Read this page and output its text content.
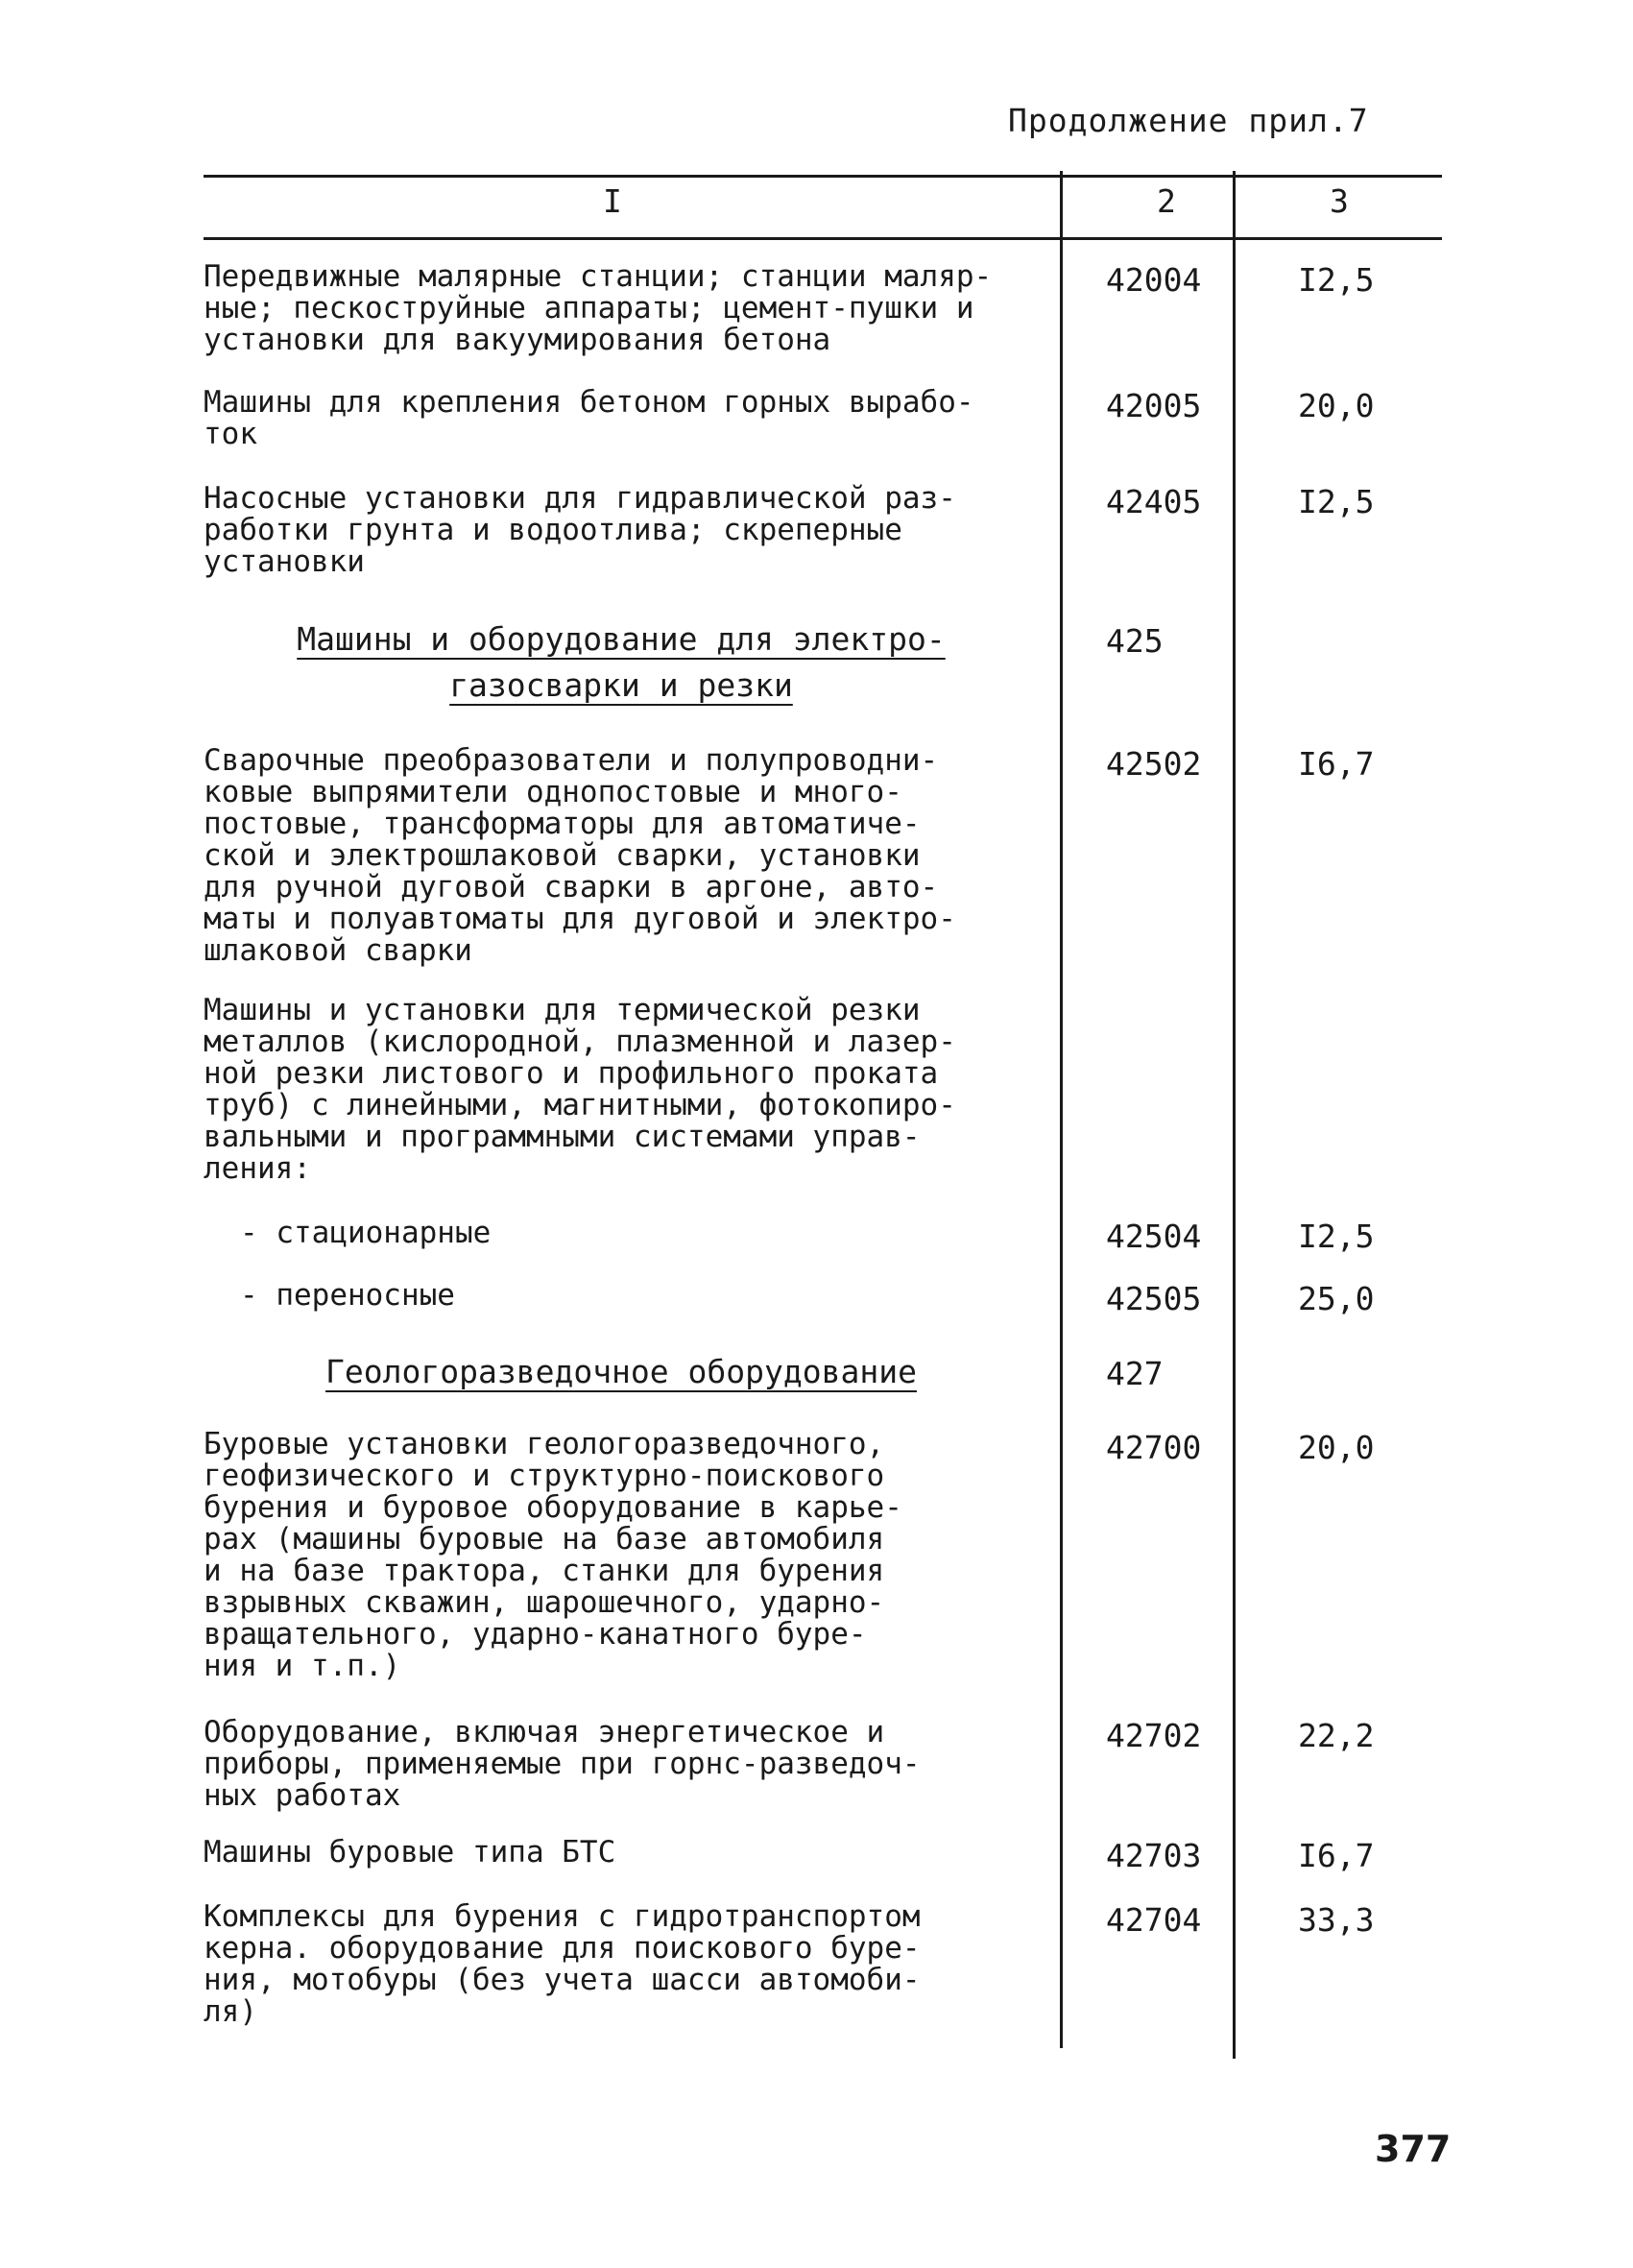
Продолжение прил.7
I	2	3
Передвижные малярные станции; станции маляр-
ные; пескоструйные аппараты; цемент-пушки и
установки для вакуумирования бетона
42004	I2,5
Машины для крепления бетоном горных вырабо-
ток
42005	20,0
Насосные установки для гидравлической раз-
работки грунта и водоотлива; скреперные
установки
42405	I2,5
Машины и оборудование для электро-
газосварки и резки
425
Сварочные преобразователи и полупроводни-
ковые выпрямители однопостовые и много-
постовые, трансформаторы для автоматиче-
ской и электрошлаковой сварки, установки
для ручной дуговой сварки в аргоне, авто-
маты и полуавтоматы для дуговой и электро-
шлаковой сварки
42502	I6,7
Машины и установки для термической резки
металлов (кислородной, плазменной и лазер-
ной резки листового и профильного проката
труб) с линейными, магнитными, фотокопиро-
вальными и программными системами управ-
ления:
- стационарные	42504	I2,5
- переносные	42505	25,0
Геологоразведочное оборудование	427
Буровые установки геологоразведочного,
геофизического и структурно-поискового
бурения и буровое оборудование в карье-
рах (машины буровые на базе автомобиля
и на базе трактора, станки для бурения
взрывных скважин, шарошечного, ударно-
вращательного, ударно-канатного буре-
ния и т.п.)
42700	20,0
Оборудование, включая энергетическое и
приборы, применяемые при горнс-разведоч-
ных работах
42702	22,2
Машины буровые типа БТС	42703	I6,7
Комплексы для бурения с гидротранспортом
керна. оборудование для поискового буре-
ния, мотобуры (без учета шасси автомоби-
ля)
42704	33,3
377
